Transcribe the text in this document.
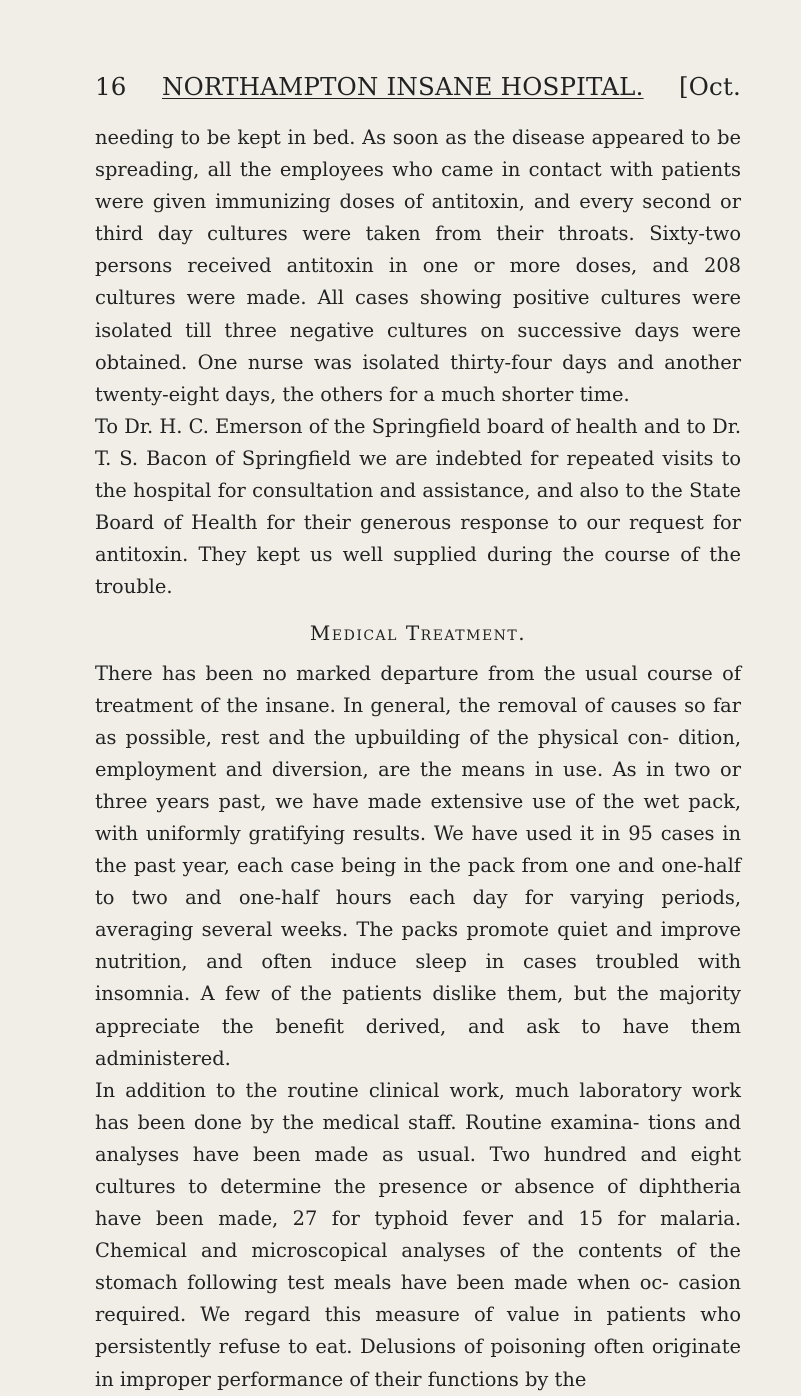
16 NORTHAMPTON INSANE HOSPITAL. [Oct.

needing to be kept in bed. As soon as the disease appeared to be spreading, all the employees who came in contact with patients were given immunizing doses of antitoxin, and every second or third day cultures were taken from their throats. Sixty-two persons received antitoxin in one or more doses, and 208 cultures were made. All cases showing positive cultures were isolated till three negative cultures on successive days were obtained. One nurse was isolated thirty-four days and another twenty-eight days, the others for a much shorter time.

To Dr. H. C. Emerson of the Springfield board of health and to Dr. T. S. Bacon of Springfield we are indebted for repeated visits to the hospital for consultation and assistance, and also to the State Board of Health for their generous response to our request for antitoxin. They kept us well supplied during the course of the trouble.

Medical Treatment.

There has been no marked departure from the usual course of treatment of the insane. In general, the removal of causes so far as possible, rest and the upbuilding of the physical con- dition, employment and diversion, are the means in use. As in two or three years past, we have made extensive use of the wet pack, with uniformly gratifying results. We have used it in 95 cases in the past year, each case being in the pack from one and one-half to two and one-half hours each day for varying periods, averaging several weeks. The packs promote quiet and improve nutrition, and often induce sleep in cases troubled with insomnia. A few of the patients dislike them, but the majority appreciate the benefit derived, and ask to have them administered.

In addition to the routine clinical work, much laboratory work has been done by the medical staff. Routine examina- tions and analyses have been made as usual. Two hundred and eight cultures to determine the presence or absence of diphtheria have been made, 27 for typhoid fever and 15 for malaria. Chemical and microscopical analyses of the contents of the stomach following test meals have been made when oc- casion required. We regard this measure of value in patients who persistently refuse to eat. Delusions of poisoning often originate in improper performance of their functions by the
